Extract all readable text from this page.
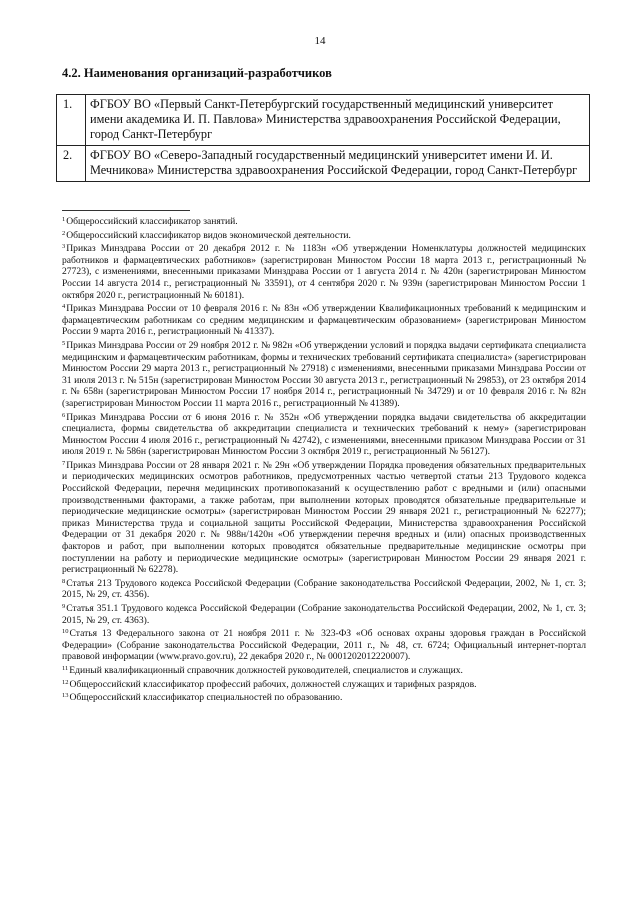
14
4.2. Наименования организаций-разработчиков
1.	ФГБОУ ВО «Первый Санкт-Петербургский государственный медицинский университет имени академика И. П. Павлова» Министерства здравоохранения Российской Федерации, город Санкт-Петербург
2.	ФГБОУ ВО «Северо-Западный государственный медицинский университет имени И. И. Мечникова» Министерства здравоохранения Российской Федерации, город Санкт-Петербург

$^1$Общероссийский классификатор занятий.

$^2$Общероссийский классификатор видов экономической деятельности.

$^3$Приказ Минздрава России от 20 декабря 2012 г. № 1183н «Об утверждении Номенклатуры должностей медицинских работников и фармацевтических работников» (зарегистрирован Минюстом России 18 марта 2013 г., регистрационный № 27723), с изменениями, внесенными приказами Минздрава России от 1 августа 2014 г. № 420н (зарегистрирован Минюстом России 14 августа 2014 г., регистрационный № 33591), от 4 сентября 2020 г. № 939н (зарегистрирован Минюстом России 1 октября 2020 г., регистрационный № 60181).

$^4$Приказ Минздрава России от 10 февраля 2016 г. № 83н «Об утверждении Квалификационных требований к медицинским и фармацевтическим работникам со средним медицинским и фармацевтическим образованием» (зарегистрирован Минюстом России 9 марта 2016 г., регистрационный № 41337).

$^5$Приказ Минздрава России от 29 ноября 2012 г. № 982н «Об утверждении условий и порядка выдачи сертификата специалиста медицинским и фармацевтическим работникам, формы и технических требований сертификата специалиста» (зарегистрирован Минюстом России 29 марта 2013 г., регистрационный № 27918) с изменениями, внесенными приказами Минздрава России от 31 июля 2013 г. № 515н (зарегистрирован Минюстом России 30 августа 2013 г., регистрационный № 29853), от 23 октября 2014 г. № 658н (зарегистрирован Минюстом России 17 ноября 2014 г., регистрационный № 34729) и от 10 февраля 2016 г. № 82н (зарегистрирован Минюстом России 11 марта 2016 г., регистрационный № 41389).

$^6$Приказ Минздрава России от 6 июня 2016 г. № 352н «Об утверждении порядка выдачи свидетельства об аккредитации специалиста, формы свидетельства об аккредитации специалиста и технических требований к нему» (зарегистрирован Минюстом России 4 июля 2016 г., регистрационный № 42742), с изменениями, внесенными приказом Минздрава России от 31 июля 2019 г. № 586н (зарегистрирован Минюстом России 3 октября 2019 г., регистрационный № 56127).

$^7$Приказ Минздрава России от 28 января 2021 г. № 29н «Об утверждении Порядка проведения обязательных предварительных и периодических медицинских осмотров работников, предусмотренных частью четвертой статьи 213 Трудового кодекса Российской Федерации, перечня медицинских противопоказаний к осуществлению работ с вредными и (или) опасными производственными факторами, а также работам, при выполнении которых проводятся обязательные предварительные и периодические медицинские осмотры» (зарегистрирован Минюстом России 29 января 2021 г., регистрационный № 62277); приказ Министерства труда и социальной защиты Российской Федерации, Министерства здравоохранения Российской Федерации от 31 декабря 2020 г. № 988н/1420н «Об утверждении перечня вредных и (или) опасных производственных факторов и работ, при выполнении которых проводятся обязательные предварительные медицинские осмотры при поступлении на работу и периодические медицинские осмотры» (зарегистрирован Минюстом России 29 января 2021 г. регистрационный № 62278).

$^8$Статья 213 Трудового кодекса Российской Федерации (Собрание законодательства Российской Федерации, 2002, № 1, ст. 3; 2015, № 29, ст. 4356).

$^9$Статья 351.1 Трудового кодекса Российской Федерации (Собрание законодательства Российской Федерации, 2002, № 1, ст. 3; 2015, № 29, ст. 4363).

$^{10}$Статья 13 Федерального закона от 21 ноября 2011 г. № 323-ФЗ «Об основах охраны здоровья граждан в Российской Федерации» (Собрание законодательства Российской Федерации, 2011 г., № 48, ст. 6724; Официальный интернет-портал правовой информации (www.pravo.gov.ru), 22 декабря 2020 г., № 0001202012220007).

$^{11}$Единый квалификационный справочник должностей руководителей, специалистов и служащих.

$^{12}$Общероссийский классификатор профессий рабочих, должностей служащих и тарифных разрядов.

$^{13}$Общероссийский классификатор специальностей по образованию.
